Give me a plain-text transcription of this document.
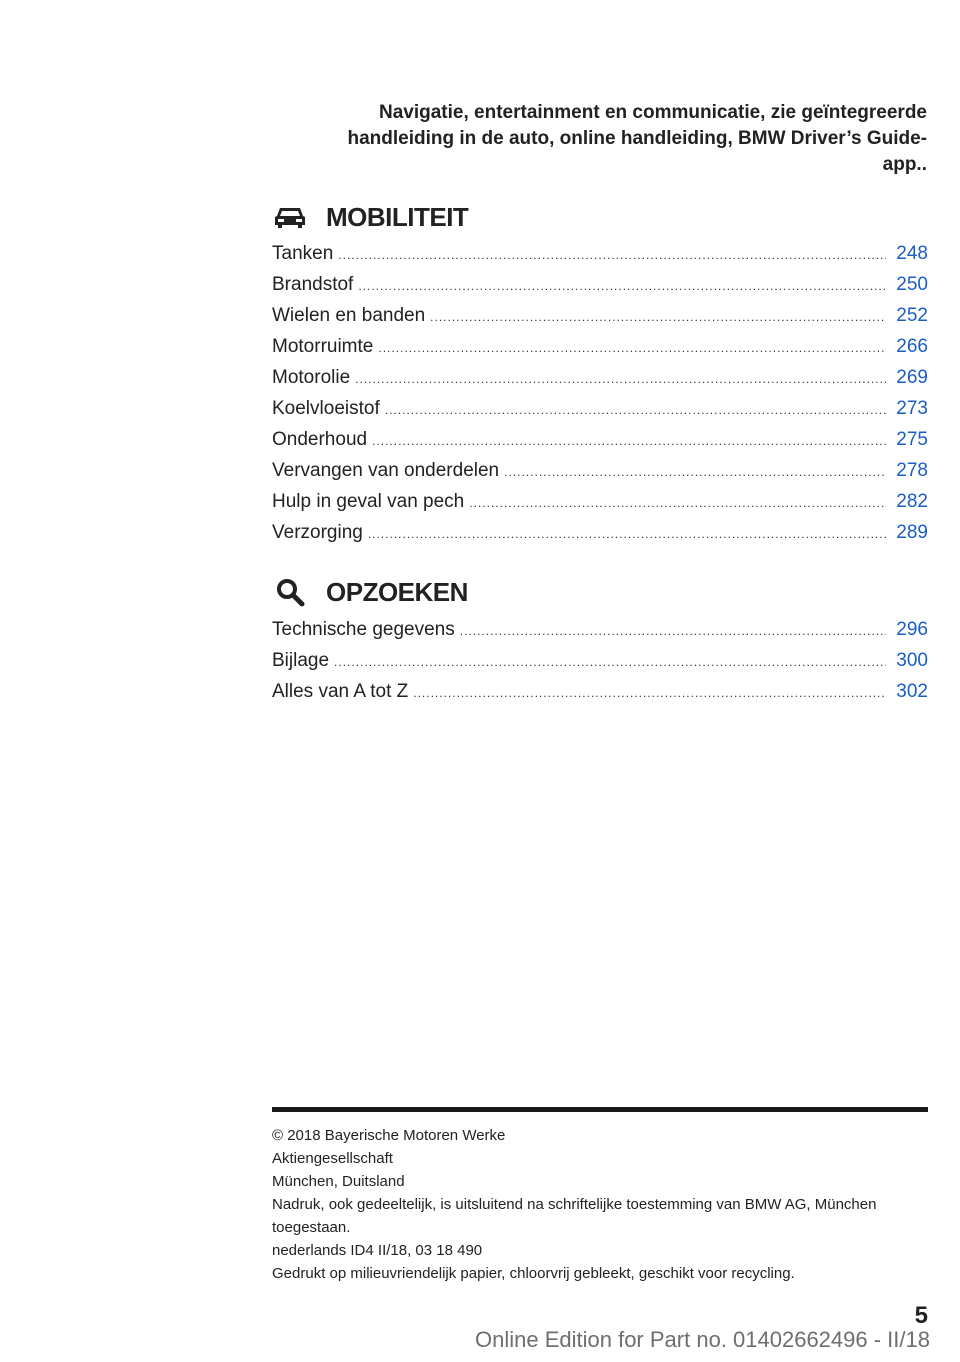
Navigatie, entertainment en communicatie, zie geïntegreerde
handleiding in de auto, online handleiding, BMW Driver’s Guide-
app..
MOBILITEIT
Tanken .....	248
Brandstof .....	250
Wielen en banden .....	252
Motorruimte .....	266
Motorolie .....	269
Koelvloeistof .....	273
Onderhoud .....	275
Vervangen van onderdelen .....	278
Hulp in geval van pech .....	282
Verzorging .....	289
OPZOEKEN
Technische gegevens .....	296
Bijlage .....	300
Alles van A tot Z .....	302
© 2018 Bayerische Motoren Werke
Aktiengesellschaft
München, Duitsland
Nadruk, ook gedeeltelijk, is uitsluitend na schriftelijke toestemming van BMW AG, München toegestaan.
nederlands ID4 II/18, 03 18 490
Gedrukt op milieuvriendelijk papier, chloorvrij gebleekt, geschikt voor recycling.
5
Online Edition for Part no. 01402662496 - II/18
